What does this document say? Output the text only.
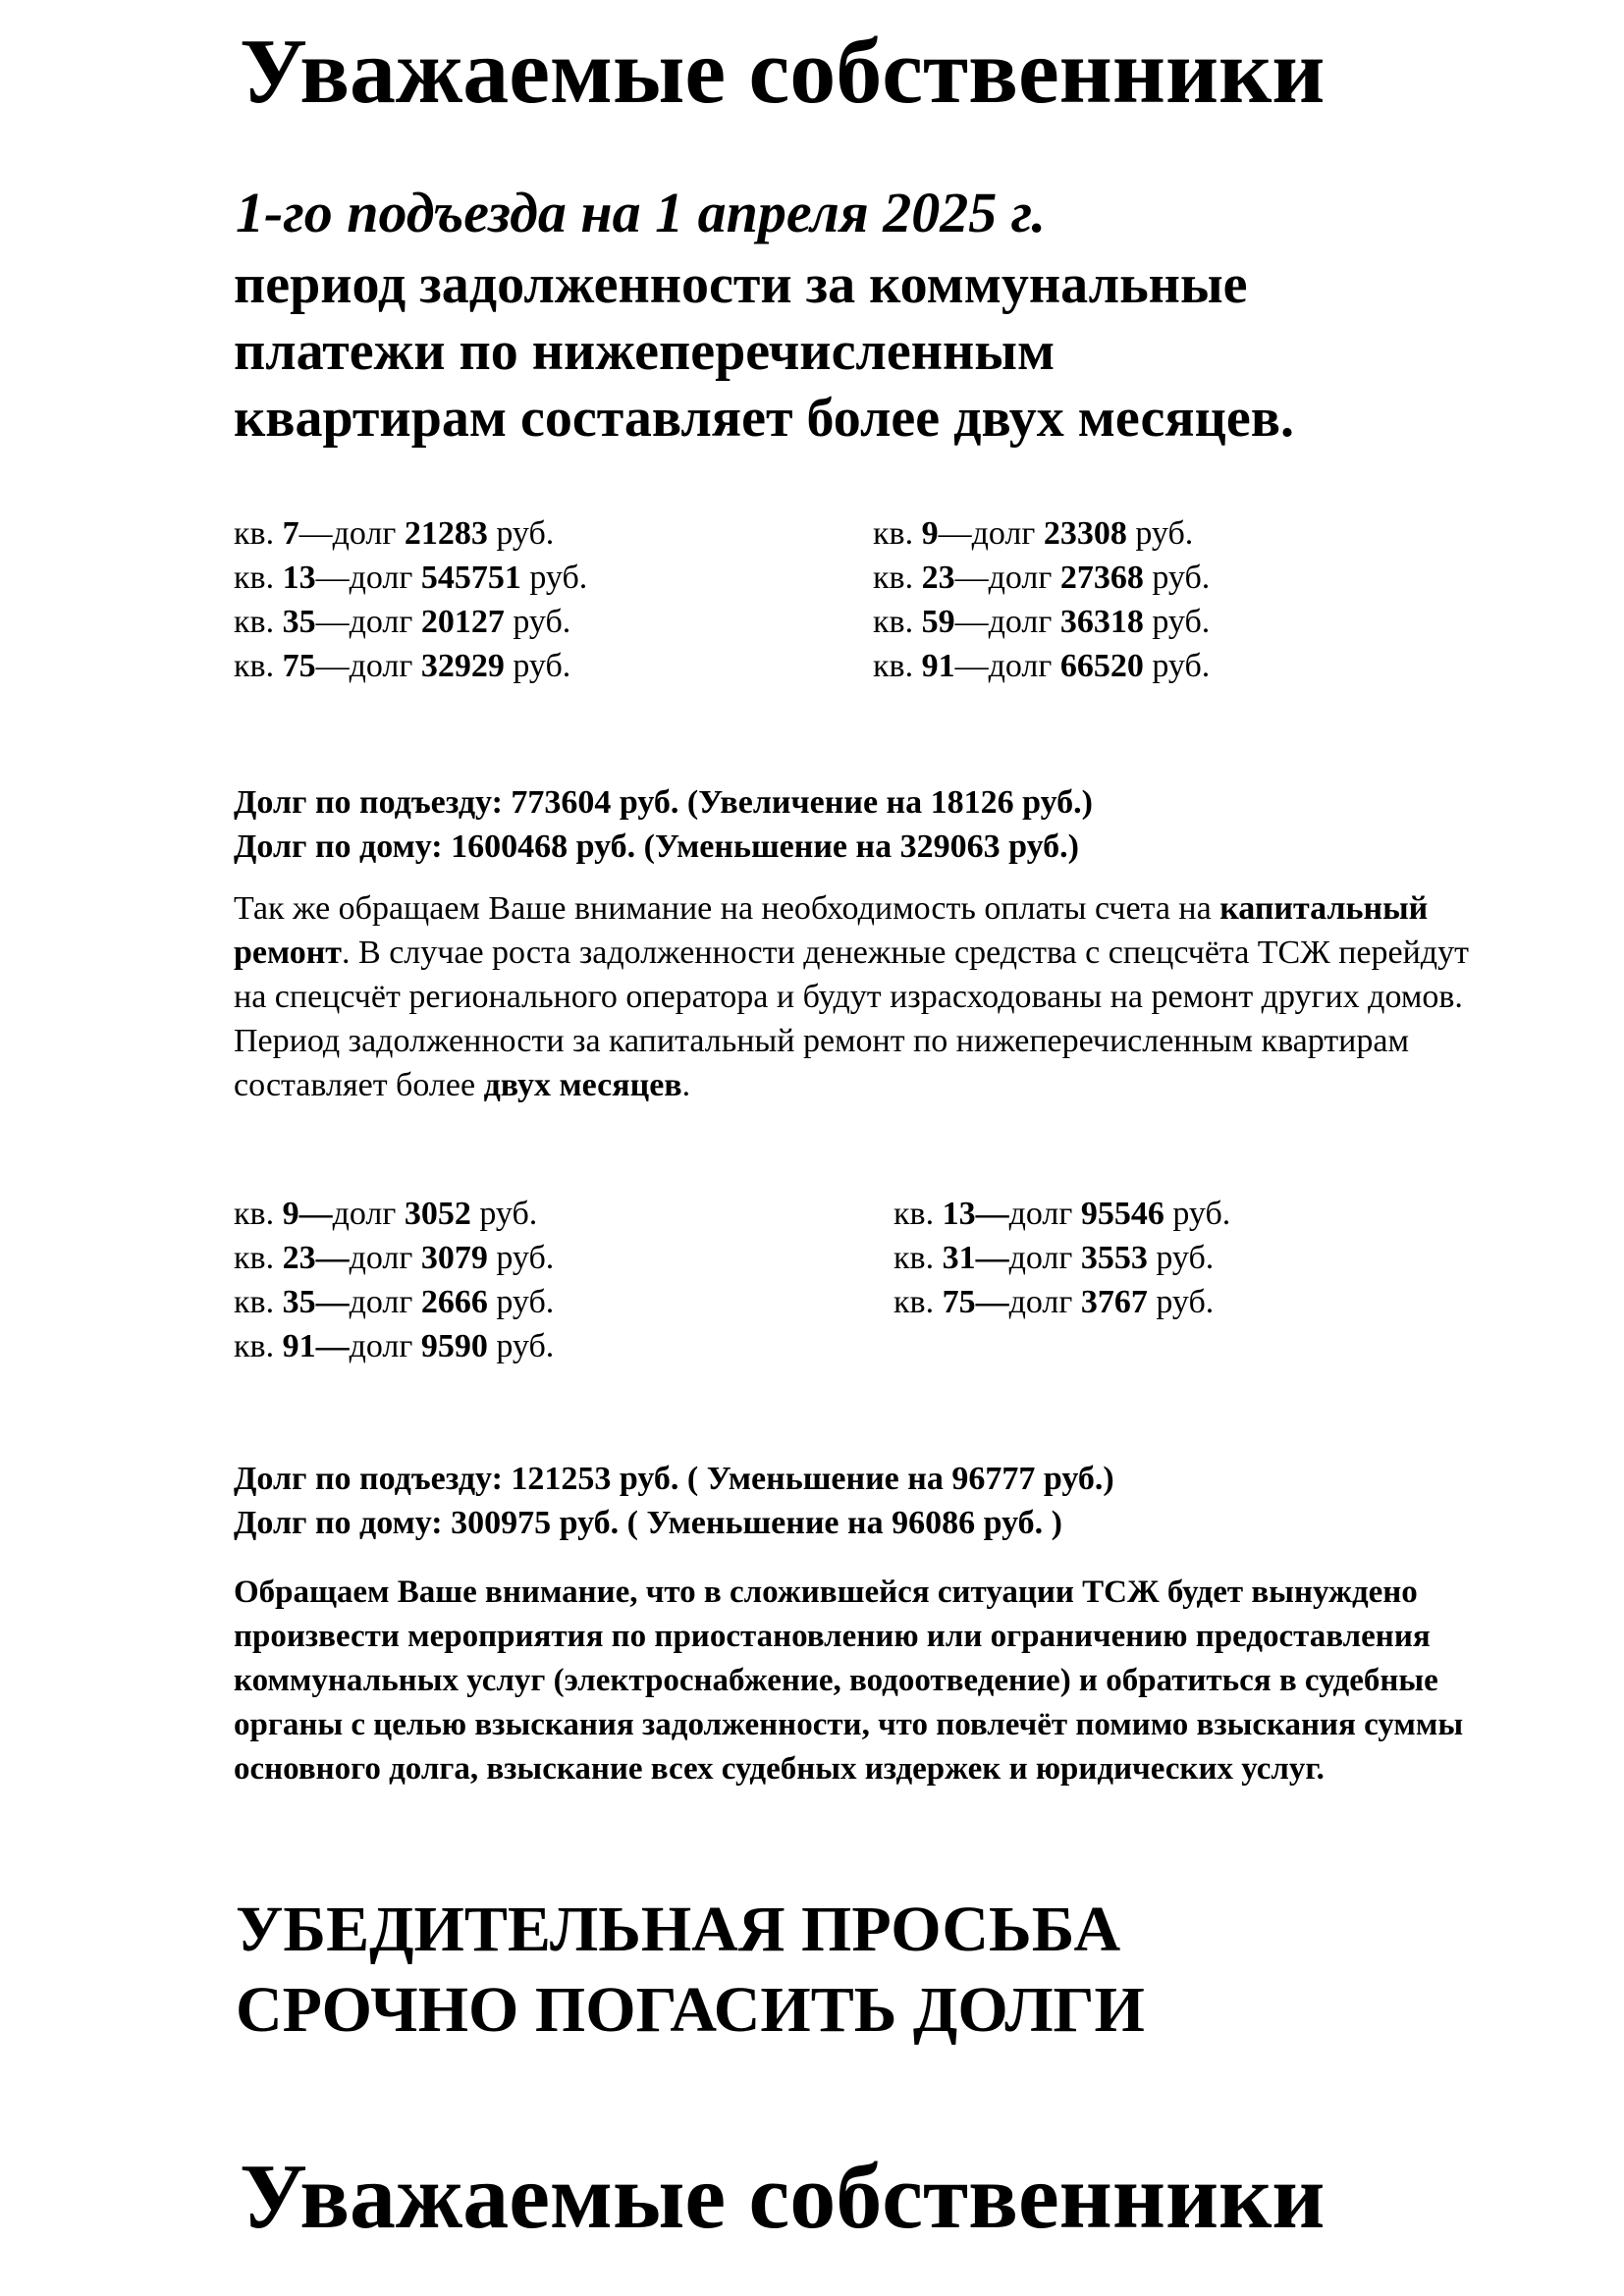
Уважаемые собственники
1-го подъезда на 1 апреля 2025 г.
период задолженности за коммунальные
платежи по нижеперечисленным
квартирам составляет более двух месяцев.
кв. 7—долг 21283 руб.
кв. 13—долг 545751 руб.
кв. 35—долг 20127 руб.
кв. 75—долг 32929 руб.
кв. 9—долг 23308 руб.
кв. 23—долг 27368 руб.
кв. 59—долг 36318 руб.
кв. 91—долг 66520 руб.
Долг по подъезду: 773604 руб. (Увеличение на 18126 руб.)
Долг по дому: 1600468 руб. (Уменьшение на 329063 руб.)

Так же обращаем Ваше внимание на необходимость оплаты счета на капитальный ремонт. В случае роста задолженности денежные средства с спецсчёта ТСЖ перейдут на спецсчёт регионального оператора и будут израсходованы на ремонт других домов. Период задолженности за капитальный ремонт по нижеперечисленным квартирам составляет более двух месяцев.

кв. 9—долг 3052 руб.
кв. 23—долг 3079 руб.
кв. 35—долг 2666 руб.
кв. 91—долг 9590 руб.
кв. 13—долг 95546 руб.
кв. 31—долг 3553 руб.
кв. 75—долг 3767 руб.
Долг по подъезду: 121253 руб. ( Уменьшение на 96777 руб.)
Долг по дому: 300975 руб. ( Уменьшение на 96086 руб. )

Обращаем Ваше внимание, что в сложившейся ситуации ТСЖ будет вынуждено произвести мероприятия по приостановлению или ограничению предоставления коммунальных услуг (электроснабжение, водоотведение) и обратиться в судебные органы с целью взыскания задолженности, что повлечёт помимо взыскания суммы основного долга, взыскание всех судебных издержек и юридических услуг.

УБЕДИТЕЛЬНАЯ ПРОСЬБА
СРОЧНО ПОГАСИТЬ ДОЛГИ
Уважаемые собственники
